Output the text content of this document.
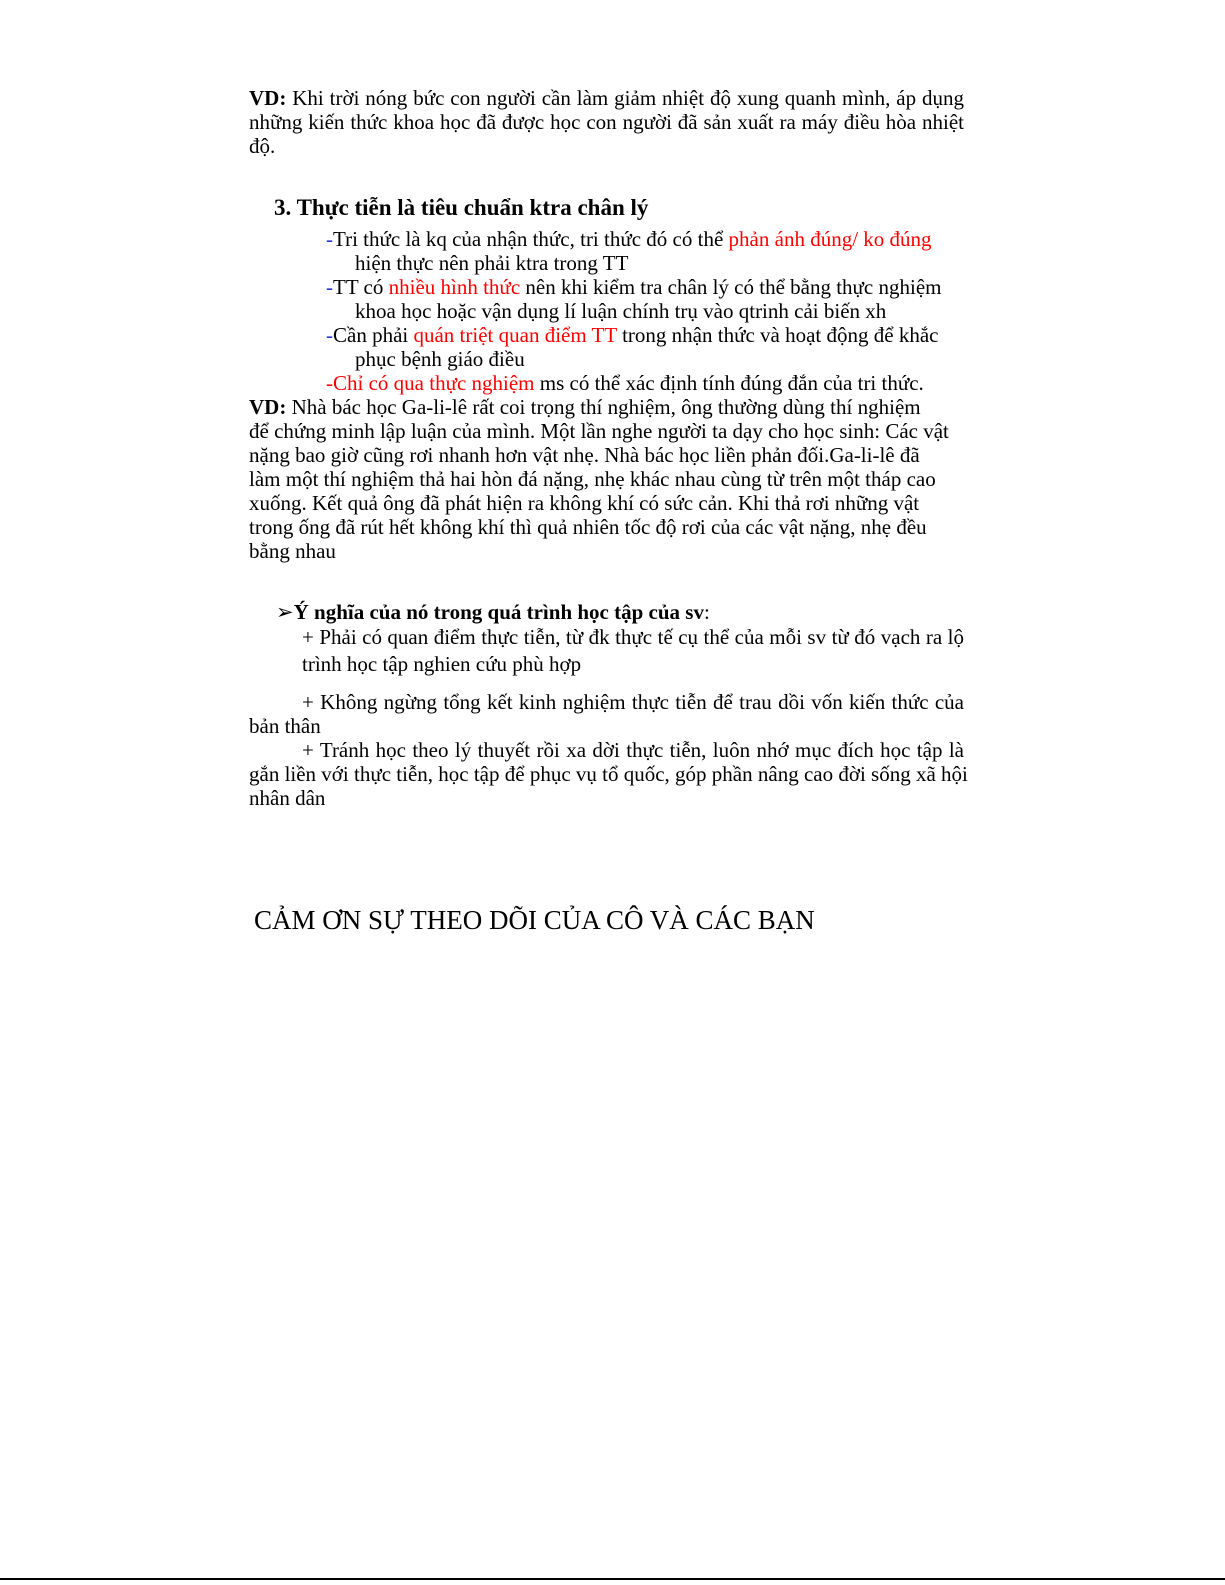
VD: Khi trời nóng bức con người cần làm giảm nhiệt độ xung quanh mình, áp dụng
những kiến thức khoa học đã được học con người đã sản xuất ra máy điều hòa nhiệt
độ.
3. Thực tiễn là tiêu chuẩn ktra chân lý
-Tri thức là kq của nhận thức, tri thức đó có thể phản ánh đúng/ ko đúng
hiện thực nên phải ktra trong TT
-TT có nhiều hình thức nên khi kiểm tra chân lý có thể bằng thực nghiệm
khoa học hoặc vận dụng lí luận chính trụ vào qtrinh cải biến xh
-Cần phải quán triệt quan điểm TT trong nhận thức và hoạt động để khắc
phục bệnh giáo điều
-Chỉ có qua thực nghiệm ms có thể xác định tính đúng đắn của tri thức.
VD: Nhà bác học Ga-li-lê rất coi trọng thí nghiệm, ông thường dùng thí nghiệm
để chứng minh lập luận của mình. Một lần nghe người ta dạy cho học sinh: Các vật
nặng bao giờ cũng rơi nhanh hơn vật nhẹ. Nhà bác học liền phản đối.Ga-li-lê đã
làm một thí nghiệm thả hai hòn đá nặng, nhẹ khác nhau cùng từ trên một tháp cao
xuống. Kết quả ông đã phát hiện ra không khí có sức cản. Khi thả rơi những vật
trong ống đã rút hết không khí thì quả nhiên tốc độ rơi của các vật nặng, nhẹ đều
bằng nhau
➢Ý nghĩa của nó trong quá trình học tập của sv:
+ Phải có quan điểm thực tiễn, từ đk thực tế cụ thể của mỗi sv từ đó vạch ra lộ
trình học tập nghien cứu phù hợp
+ Không ngừng tổng kết kinh nghiệm thực tiễn để trau dồi vốn kiến thức của
bản thân
+ Tránh học theo lý thuyết rồi xa dời thực tiễn, luôn nhớ mục đích học tập là
gắn liền với thực tiễn, học tập để phục vụ tổ quốc, góp phần nâng cao đời sống xã hội
nhân dân
CẢM ƠN SỰ THEO DÕI CỦA CÔ VÀ CÁC BẠN
